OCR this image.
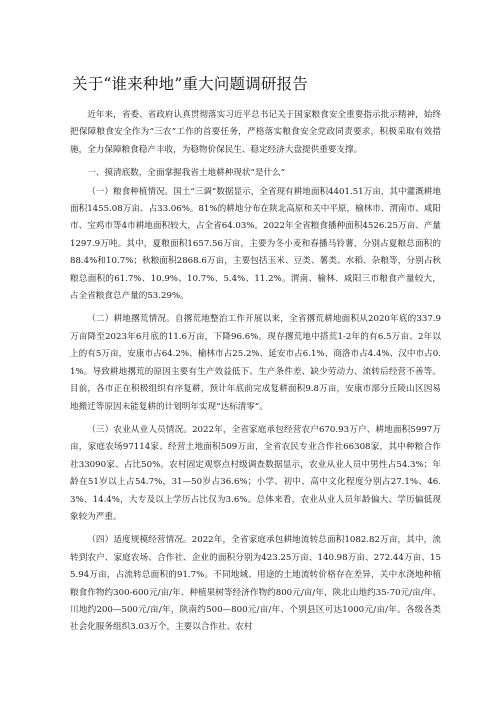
关于“谁来种地”重大问题调研报告

近年来，省委、省政府认真贯彻落实习近平总书记关于国家粮食安全重要指示批示精神，始终把保障粮食安全作为“三农”工作的首要任务，严格落实粮食安全党政同责要求，积极采取有效措施，全力保障粮食稳产丰收，为稳物价保民生、稳定经济大盘提供重要支撑。

一、摸清底数，全面掌握我省土地耕种现状“是什么”

（一）粮食种植情况。国土“三调”数据显示，全省现有耕地面积4401.51万亩，其中灌溉耕地面积1455.08万亩、占33.06%。81%的耕地分布在陕北高原和关中平原，榆林市、渭南市、咸阳市、宝鸡市等4市耕地面积较大，占全省64.03%。2022年全省粮食播种面积4526.25万亩、产量1297.9万吨。其中，夏粮面积1657.56万亩，主要为冬小麦和春播马铃薯，分别占夏粮总面积的88.4%和10.7%；秋粮面积2868.6万亩，主要包括玉米、豆类、薯类、水稻、杂粮等，分别占秋粮总面积的61.7%、10.9%、10.7%、5.4%、11.2%。渭南、榆林、咸阳三市粮食产量较大，占全省粮食总产量的53.29%。

（二）耕地撂荒情况。自撂荒地整治工作开展以来，全省撂荒耕地面积从2020年底的337.9万亩降至2023年6月底的11.6万亩，下降96.6%。现存撂荒地中搭荒1-2年的有6.5万亩、2年以上的有5万亩，安康市占64.2%、榆林市占25.2%、延安市占6.1%、商洛市占4.4%、汉中市占0.1%。导致耕地撂荒的原因主要有生产效益低下、生产条件差、缺少劳动力、流转后经营不善等。目前，各市正在积极组织有序复耕，预计年底前完成复耕面积9.8万亩，安康市部分丘陵山区因易地搬迁等原因未能复耕的计划明年实现“达标清零”。

（三）农业从业人员情况。2022年，全省家庭承包经营农户670.93万户、耕地面积5997万亩，家庭农场97114家、经营土地面积509万亩，全省农民专业合作社66308家，其中种粮合作社33090家、占比50%。农村固定观察点村级调查数据显示，农业从业人员中男性占54.3%；年龄在51岁以上占54.7%，31—50岁占36.6%；小学、初中、高中文化程度分别占27.1%、46.3%、14.4%，大专及以上学历占比仅为3.6%。总体来看，农业从业人员年龄偏大、学历偏低现象较为严重。

（四）适度规模经营情况。2022年，全省家庭承包耕地流转总面积1082.82万亩，其中，流转到农户、家庭农场、合作社、企业的面积分别为423.25万亩、140.98万亩、272.44万亩、155.94万亩，占流转总面积的91.7%。不同地域、用途的土地流转价格存在差异，关中水浇地种植粮食作物约300-600元/亩/年、种植果树等经济作物约800元/亩/年，陕北山地约35-70元/亩/年、川地约200—500元/亩/年，陕南约500—800元/亩/年、个别县区可达1000元/亩/年。各级各类社会化服务组织3.03万个，主要以合作社、农村
